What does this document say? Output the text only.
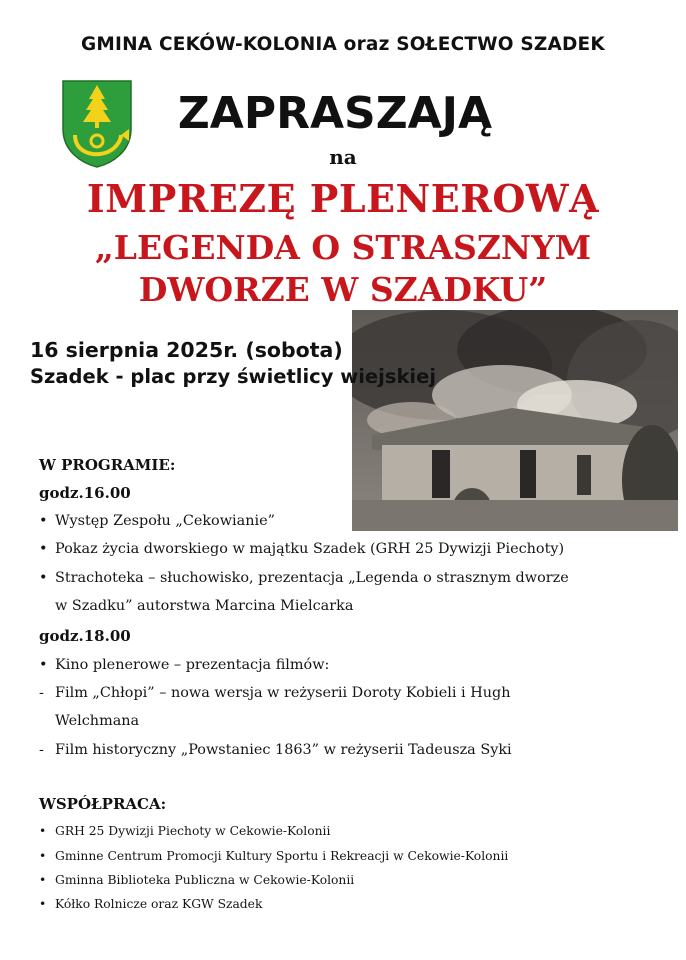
GMINA CEKÓW-KOLONIA oraz SOŁECTWO SZADEK
ZAPRASZAJĄ
na
IMPREZĘ PLENEROWĄ
„LEGENDA O STRASZNYM
DWORZE W SZADKU”
16 sierpnia 2025r. (sobota)
Szadek - plac przy świetlicy wiejskiej
W PROGRAMIE:
godz.16.00
• Występ Zespołu „Cekowianie”
• Pokaz życia dworskiego w majątku Szadek (GRH 25 Dywizji Piechoty)
• Strachoteka – słuchowisko, prezentacja „Legenda o strasznym dworze
w Szadku” autorstwa Marcina Mielcarka
godz.18.00
• Kino plenerowe – prezentacja filmów:
- Film „Chłopi” – nowa wersja w reżyserii Doroty Kobieli i Hugh
Welchmana
- Film historyczny „Powstaniec 1863” w reżyserii Tadeusza Syki
WSPÓŁPRACA:
• GRH 25 Dywizji Piechoty w Cekowie-Kolonii
• Gminne Centrum Promocji Kultury Sportu i Rekreacji w Cekowie-Kolonii
• Gminna Biblioteka Publiczna w Cekowie-Kolonii
• Kółko Rolnicze oraz KGW Szadek
